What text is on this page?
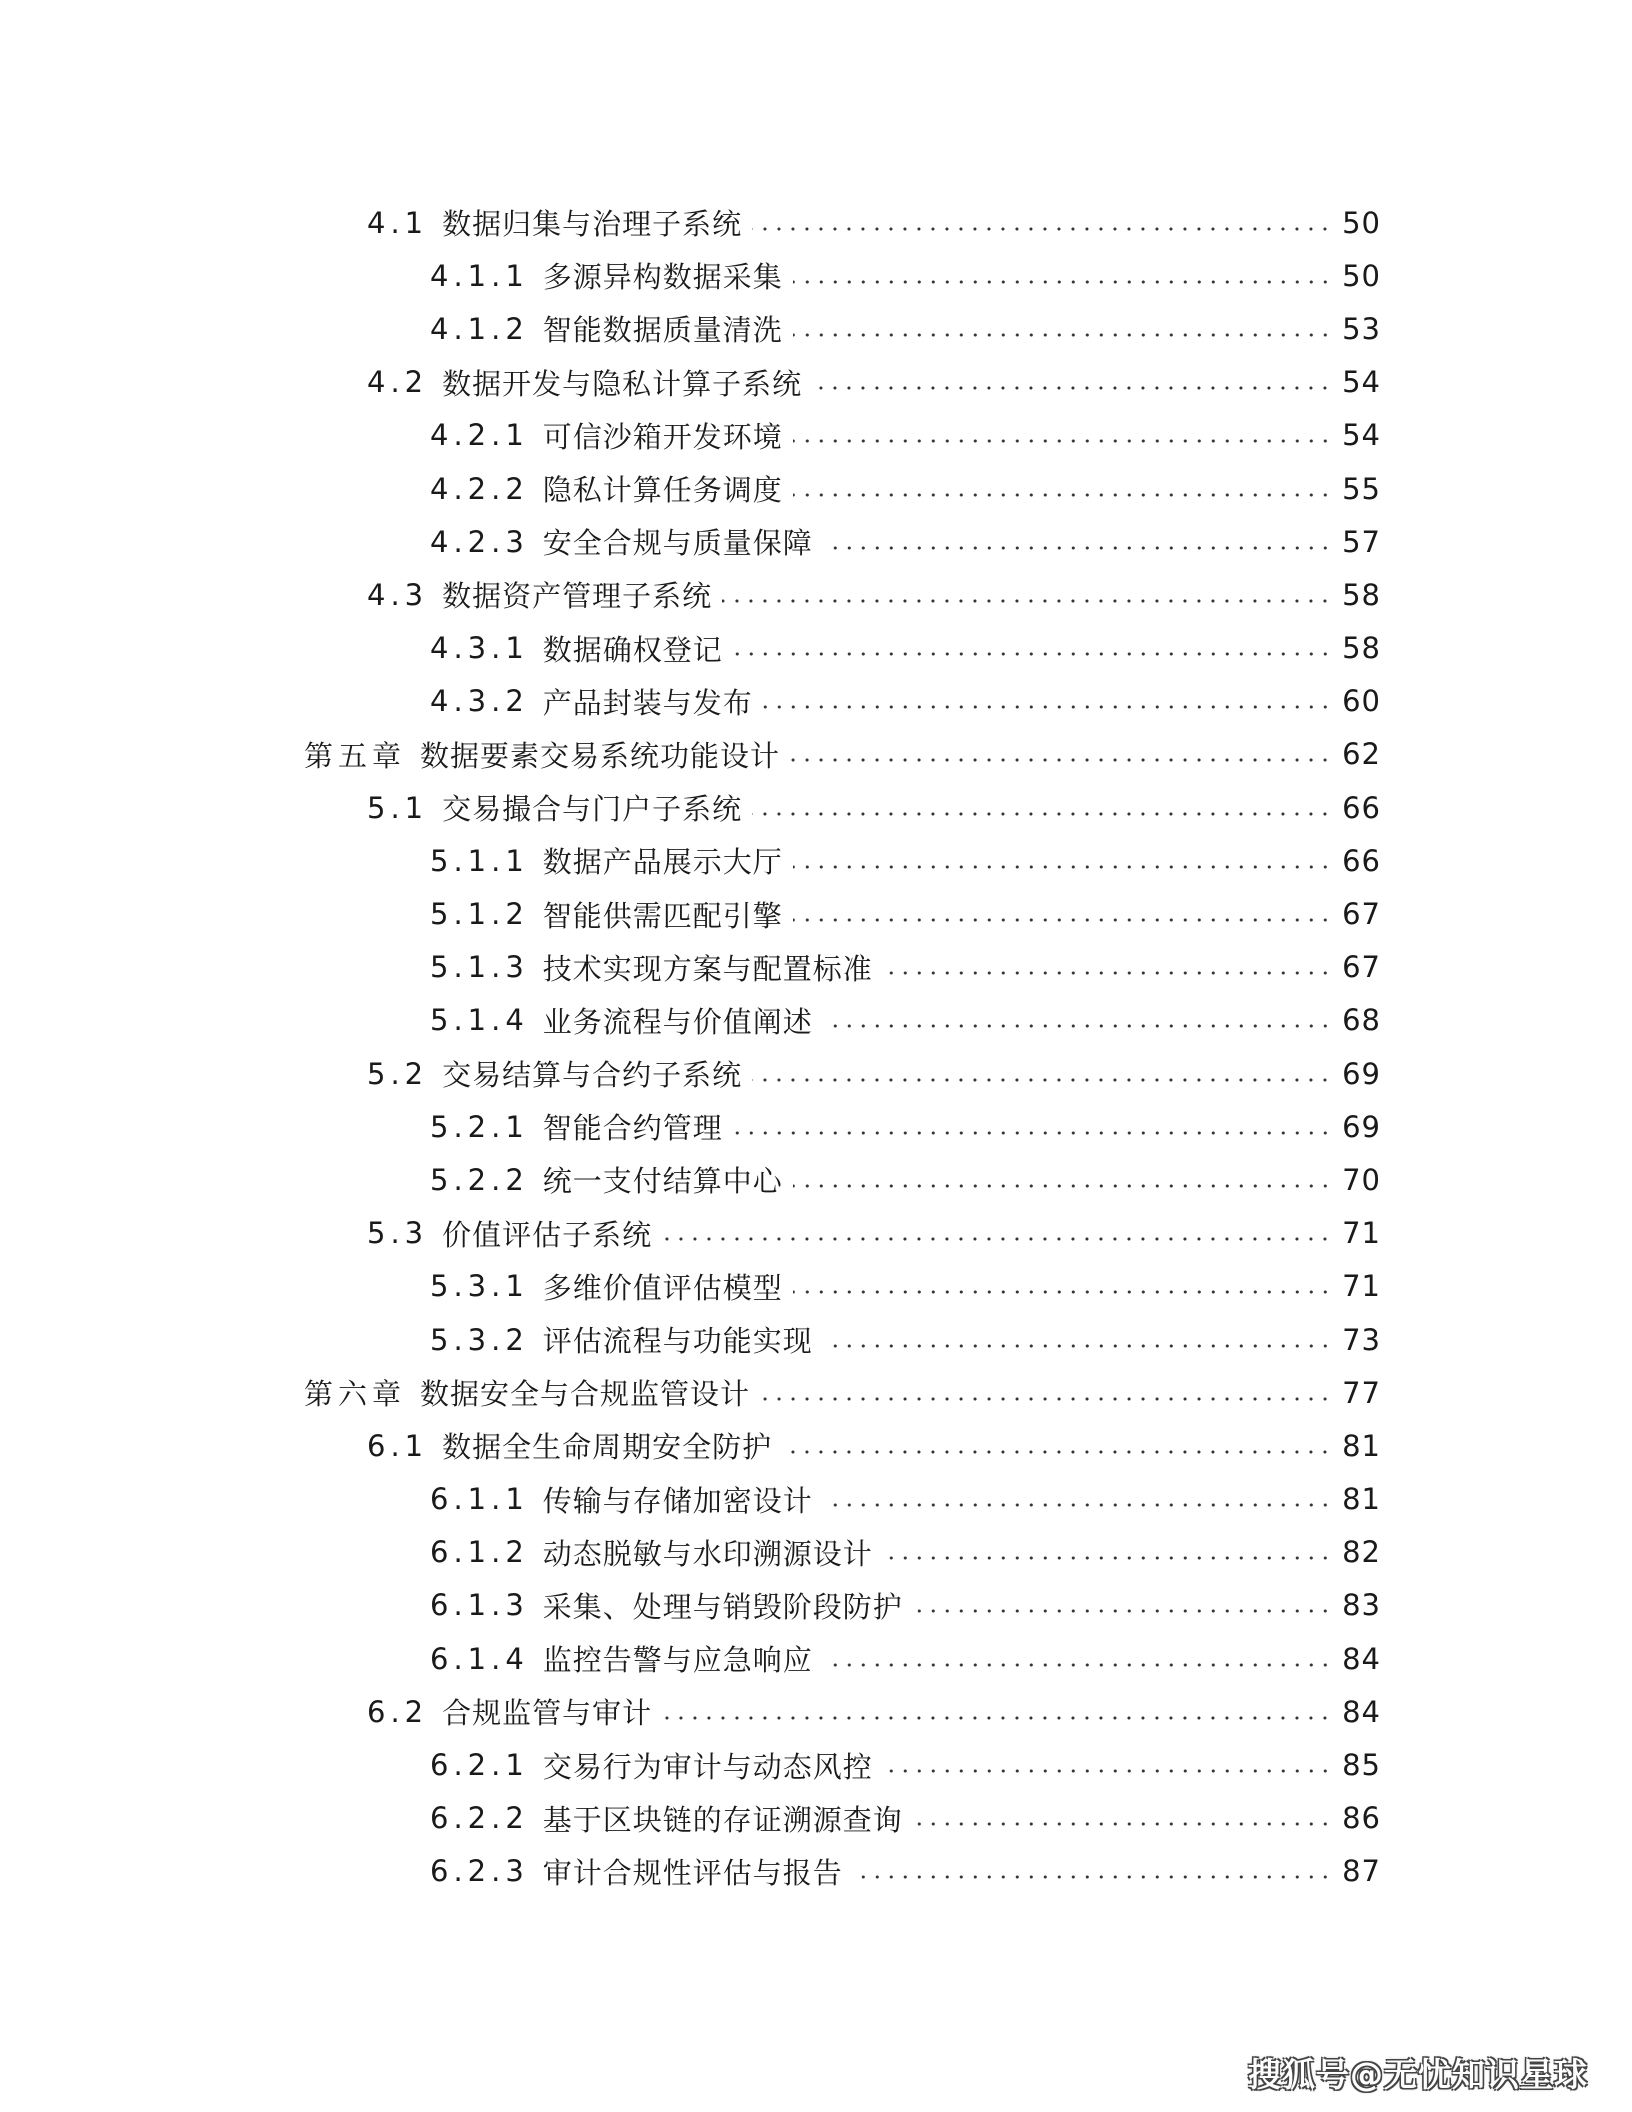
4.1 数据归集与治理子系统	50
4.1.1 多源异构数据采集	50
4.1.2 智能数据质量清洗	53
4.2 数据开发与隐私计算子系统	54
4.2.1 可信沙箱开发环境	54
4.2.2 隐私计算任务调度	55
4.2.3 安全合规与质量保障	57
4.3 数据资产管理子系统	58
4.3.1 数据确权登记	58
4.3.2 产品封装与发布	60
第五章 数据要素交易系统功能设计	62
5.1 交易撮合与门户子系统	66
5.1.1 数据产品展示大厅	66
5.1.2 智能供需匹配引擎	67
5.1.3 技术实现方案与配置标准	67
5.1.4 业务流程与价值阐述	68
5.2 交易结算与合约子系统	69
5.2.1 智能合约管理	69
5.2.2 统一支付结算中心	70
5.3 价值评估子系统	71
5.3.1 多维价值评估模型	71
5.3.2 评估流程与功能实现	73
第六章 数据安全与合规监管设计	77
6.1 数据全生命周期安全防护	81
6.1.1 传输与存储加密设计	81
6.1.2 动态脱敏与水印溯源设计	82
6.1.3 采集、处理与销毁阶段防护	83
6.1.4 监控告警与应急响应	84
6.2 合规监管与审计	84
6.2.1 交易行为审计与动态风控	85
6.2.2 基于区块链的存证溯源查询	86
6.2.3 审计合规性评估与报告	87
搜狐号@无忧知识星球
